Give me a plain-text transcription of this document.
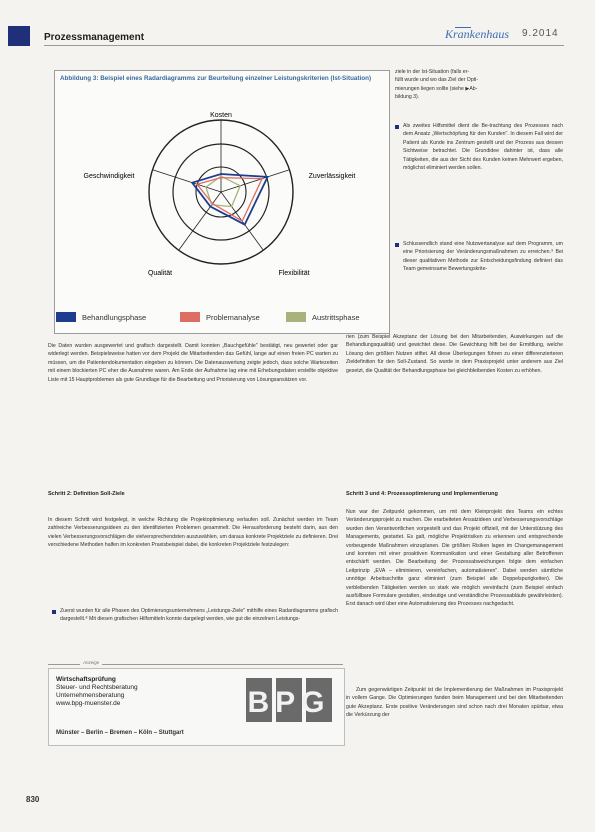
Prozessmanagement	Krankenhaus 9.2014
Abbildung 3: Beispiel eines Radardiagramms zur Beurteilung einzelner Leistungskriterien (Ist-Situation)
Kosten
Zuverlässigkeit
Flexibilität
Qualität
Geschwindigkeit
Behandlungsphase	Problemanalyse	Austrittsphase
ziele in der Ist-Situation (falls er-
füllt wurde und wo das Ziel der Opti-
mierungen liegen sollte (siehe ▶Ab-
bildung 3).
Als zweites Hilfsmittel dient die Be-trachtung des Prozesses nach dem Ansatz „Wertschöpfung für den Kunden". In diesem Fall wird der Patient als Kunde ins Zentrum gestellt und der Prozess aus dessen Sichtweise betrachtet. Die Grundidee dahinter ist, dass alle Tätigkeiten, die aus der Sicht des Kunden keinen Mehrwert ergeben, möglichst eliminiert werden sollen.
Schlussendlich stand eine Nutzwertanalyse auf dem Programm, um eine Priorisierung der Veränderungsmaßnahmen zu erreichen.⁹ Bei dieser qualitativen Methode zur Entscheidungsfindung definiert das Team gemeinsame Bewertungskrite-
rien (zum Beispiel Akzeptanz der Lösung bei den Mitarbeitenden, Auswirkungen auf die Behandlungsqualität) und gewichtet diese. Die Gewichtung hilft bei der Ermittlung, welche Lösung den größten Nutzen stiftet. All diese Überlegungen führen zu einer differenzierteren Zieldefinition für den Soll-Zustand. So wurde in dem Praxisprojekt unter anderem aus Ziel gesetzt, die Qualität der Behandlungsphase bei gleichbleibenden Kosten zu erhöhen.
Schritt 3 und 4: Prozessoptimierung und Implementierung
Nun war der Zeitpunkt gekommen, um mit dem Kleinprojekt des Teams ein echtes Veränderungsprojekt zu machen. Die erarbeiteten Ansatzideen und Verbesserungsvorschläge wurden den Verantwortlichen vorgestellt und das Projekt offiziell, mit der Unterstützung des Managements, gestartet. Es galt, mögliche Projektrisiken zu erkennen und entsprechende vorbeugende Maßnahmen einzuplanen. Die größten Risiken lagen im Changemanagement und konnten mit einer proaktiven Kommunikation und einer Gestaltung aller Betroffenen entschärft werden. Die Bearbeitung der Prozessabweichungen folgte dem einfachen Leitprinzip „EVA – eliminieren, vereinfachen, automatisieren". Dabei werden sämtliche unnötige Arbeitsschritte ganz eliminiert (zum Beispiel alle Doppelspurigkeiten). Die verbleibenden Tätigkeiten werden so stark wie möglich vereinfacht (zum Beispiel einfach ausfüllbare Formulare gestalten, eindeutige und verständliche Prozessabläufe gewährleisten). Erst danach wird über eine Automatisierung des Prozesses nachgedacht.
Zum gegenwärtigen Zeitpunkt ist die Implementierung der Maßnahmen im Praxisprojekt in vollem Gange. Die Optimierungen fanden beim Management und bei den Mitarbeitenden gute Akzeptanz. Erste positive Veränderungen sind schon nach drei Monaten spürbar, etwa die Verkürzung der
Die Daten wurden ausgewertet und grafisch dargestellt. Damit konnten „Bauchgefühle" bestätigt, neu gewertet oder gar widerlegt werden. Beispielsweise hatten vor dem Projekt die Mitarbeitenden das Gefühl, lange auf einen freien PC warten zu müssen, um die Patientendokumentation eingeben zu können. Die Datenauswertung zeigte jedoch, dass solche Wartezeiten mit einem blockierten PC eher die Ausnahme waren. Am Ende der Aufnahme lag eine mit Erhebungsdaten erstellte objektive Liste mit 15 Hauptproblemen als gute Grundlage für die Bearbeitung und Priorisierung von Lösungsansätzen vor.
Schritt 2: Definition Soll-Ziele
In diesem Schritt wird festgelegt, in welche Richtung die Projektoptimierung verlaufen soll. Zunächst werden im Team zahlreiche Verbesserungsideen zu den identifizierten Problemen gesammelt. Die Herausforderung besteht darin, aus den vielen Verbesserungsvorschlägen die vielversprechendsten auszuwählen, um daraus konkrete Projektziele zu definieren. Drei verschiedene Methoden halfen im konkreten Praxisbeispiel dabei, die konkreten Projektziele festzulegen:
Zuerst wurden für alle Phasen des Optimierungsunternehmens „Leistungs-Ziele" mithilfe eines Radardiagramms grafisch dargestellt.⁸ Mit diesen grafischen Hilfsmitteln konnte dargelegt werden, wie gut die einzelnen Leistungs-
Anzeige
Wirtschaftsprüfung
Steuer- und Rechtsberatung
Unternehmensberatung
www.bpg-muenster.de	BPG
Münster – Berlin – Bremen – Köln – Stuttgart
830
